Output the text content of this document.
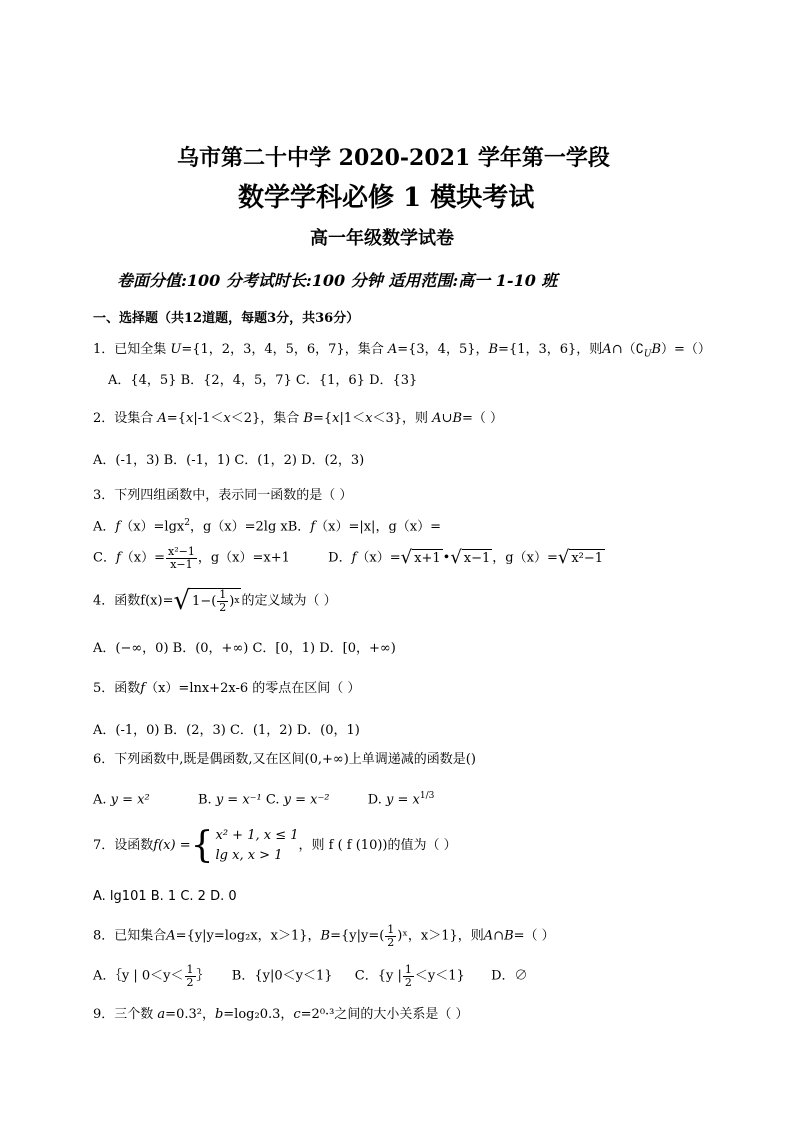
乌市第二十中学 2020-2021 学年第一学段
数学学科必修 1 模块考试
高一年级数学试卷
卷面分值:100 分考试时长:100 分钟 适用范围:高一 1-10 班
一、选择题（共12道题，每题3分，共36分）
1．已知全集 U={1，2，3，4，5，6，7}，集合 A={3，4，5}，B={1，3，6}，则$A\cap(∁_UB)=()$
A．{4，5} B．{2，4，5，7} C．{1，6} D．{3}
2．设集合 A={x|-1＜x＜2}，集合 B={x|1＜x＜3}，则 A∪B=（ ）
A．(-1，3) B．(-1，1) C．(1，2) D．(2，3)
3．下列四组函数中，表示同一函数的是（ ）
A．f（x）=lgx$^2$，g（x）=2lg xB．f（x）=|x|，g（x）=
C．$f(x)= \frac{\text{x²−1}}{x-1}$ ，g（x）=x+1	D．f（x）= √ x+1 • √ x−1 ，g（x）= √ x²−1
4．函数f(x)= √ $1-( \frac{1}{2}$ ) x 的定义域为（ ）
A．(−∞，0) B．(0，+∞) C．[0，1) D．[0，+∞)
5．函数f（x）=lnx+2x-6 的零点在区间（ ）
A．(-1，0) B．(2，3) C．(1，2) D．(0，1)
6．下列函数中,既是偶函数,又在区间(0,+∞)上单调递减的函数是()
A. y = x²	B. y = x⁻¹ C. y = x⁻²	D. $y = x^{1/3}$
7．设函数 f(x) = { x² + 1, x ≤ 1
lg x, x > 1
，则 f ( f (10))的值为（ ）
A. lg101 B. 1 C. 2 D. 0
8．已知集合A={y|y=log₂x，x＞1}，$B=\{y|y=( \frac{1}{2}$ )ˣ，x＞1}，则A∩B=（ ）
A．｛y | $0<y< \frac{1}{2}$ ｝ B．{y|0＜y＜1} C．{y | $\frac{1}{2} <y<1$} D．∅
9．三个数 a=0.3²，b=log₂0.3，c=2⁰·³之间的大小关系是（ ）
